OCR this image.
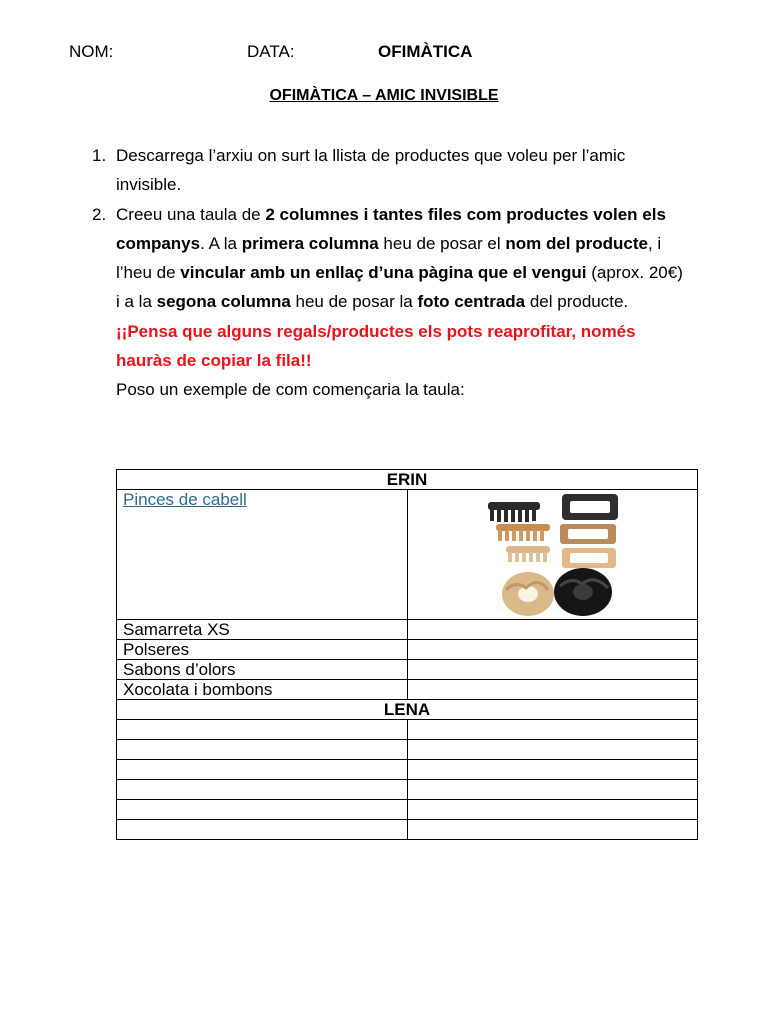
NOM:	DATA:	OFIMÀTICA
OFIMÀTICA – AMIC INVISIBLE
1. Descarrega l’arxiu on surt la llista de productes que voleu per l’amic invisible.
2. Creeu una taula de 2 columnes i tantes files com productes volen els companys. A la primera columna heu de posar el nom del producte, i l’heu de vincular amb un enllaç d’una pàgina que el vengui (aprox. 20€) i a la segona columna heu de posar la foto centrada del producte.
¡¡Pensa que alguns regals/productes els pots reaprofitar, només hauràs de copiar la fila!!
Poso un exemple de com començaria la taula:
ERIN	
Pinces de cabell	

Samarreta XS	
Polseres	
Sabons d’olors	
Xocolata i bombons	
LENA	
